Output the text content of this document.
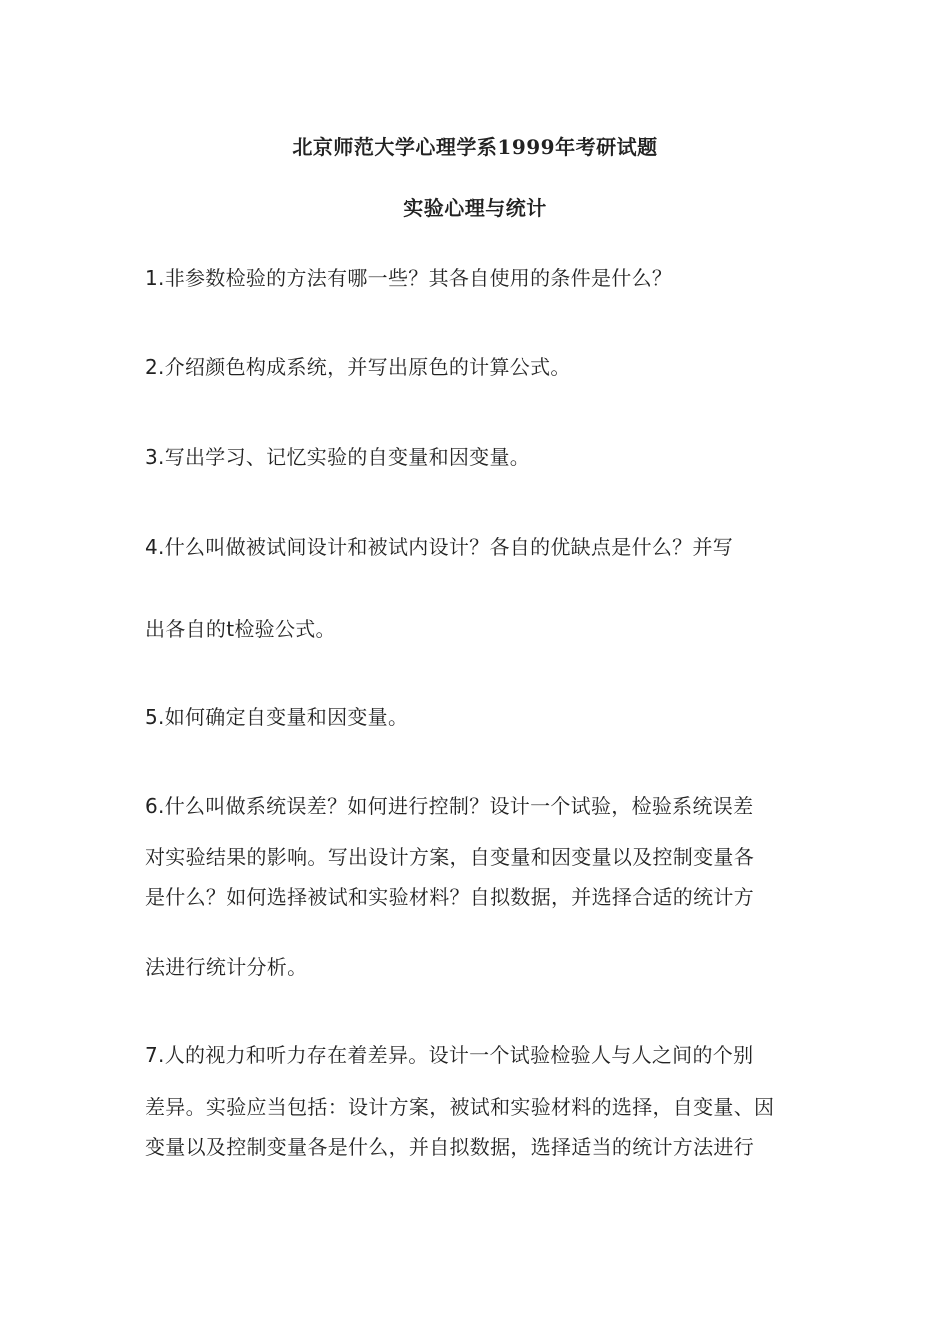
北京师范大学心理学系1999年考研试题
实验心理与统计
1.非参数检验的方法有哪一些？其各自使用的条件是什么？
2.介绍颜色构成系统，并写出原色的计算公式。
3.写出学习、记忆实验的自变量和因变量。
4.什么叫做被试间设计和被试内设计？各自的优缺点是什么？并写
出各自的t检验公式。
5.如何确定自变量和因变量。
6.什么叫做系统误差？如何进行控制？设计一个试验，检验系统误差
对实验结果的影响。写出设计方案，自变量和因变量以及控制变量各
是什么？如何选择被试和实验材料？自拟数据，并选择合适的统计方
法进行统计分析。
7.人的视力和听力存在着差异。设计一个试验检验人与人之间的个别
差异。实验应当包括：设计方案，被试和实验材料的选择，自变量、因
变量以及控制变量各是什么，并自拟数据，选择适当的统计方法进行
